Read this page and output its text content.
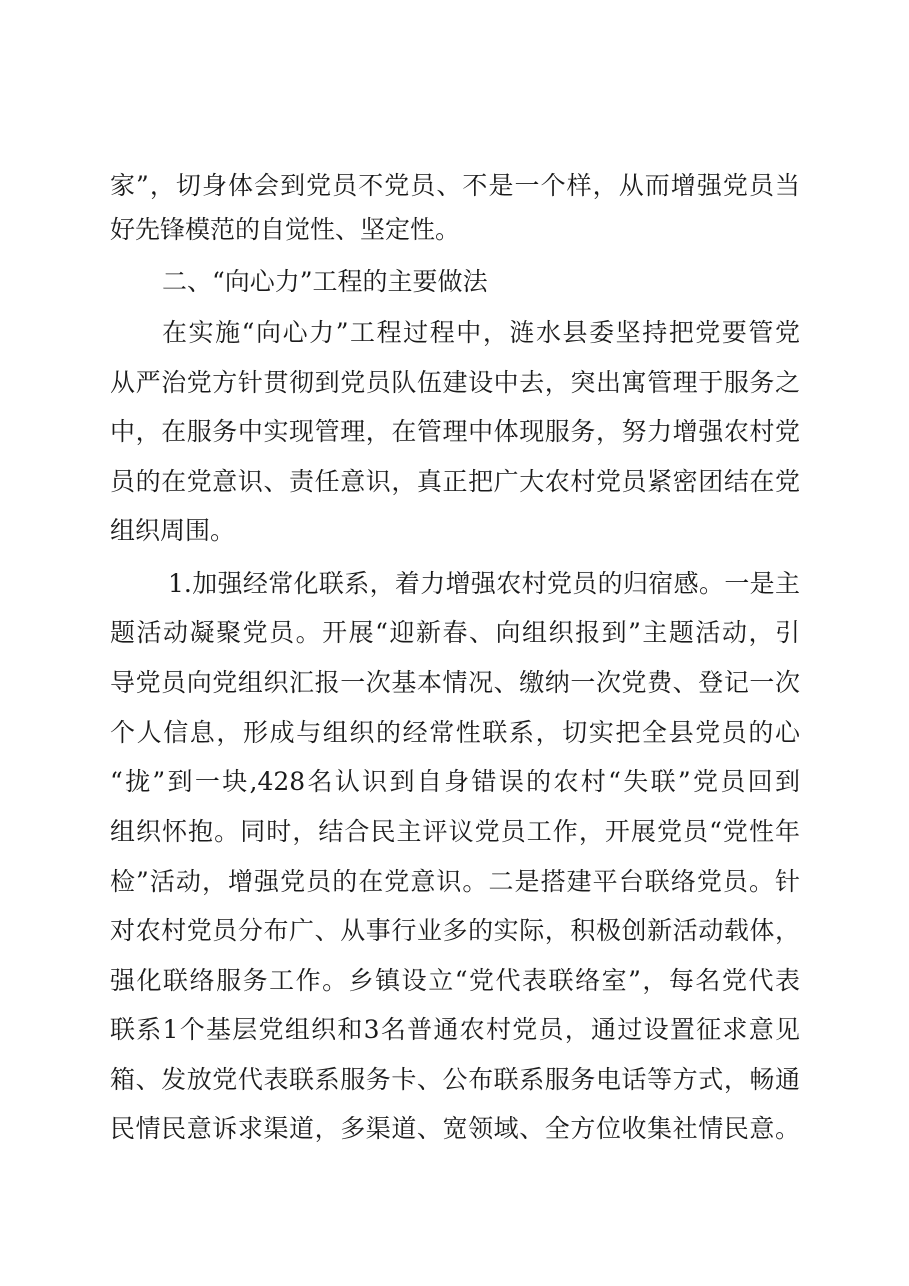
家”，切身体会到党员不党员、不是一个样，从而增强党员当
好先锋模范的自觉性、坚定性。
二、“向心力”工程的主要做法
在实施“向心力”工程过程中，涟水县委坚持把党要管党
从严治党方针贯彻到党员队伍建设中去，突出寓管理于服务之
中，在服务中实现管理，在管理中体现服务，努力增强农村党
员的在党意识、责任意识，真正把广大农村党员紧密团结在党
组织周围。
1.加强经常化联系，着力增强农村党员的归宿感。一是主
题活动凝聚党员。开展“迎新春、向组织报到”主题活动，引
导党员向党组织汇报一次基本情况、缴纳一次党费、登记一次
个人信息，形成与组织的经常性联系，切实把全县党员的心
“拢”到一块,428名认识到自身错误的农村“失联”党员回到
组织怀抱。同时，结合民主评议党员工作，开展党员“党性年
检”活动，增强党员的在党意识。二是搭建平台联络党员。针
对农村党员分布广、从事行业多的实际，积极创新活动载体，
强化联络服务工作。乡镇设立“党代表联络室”，每名党代表
联系1个基层党组织和3名普通农村党员，通过设置征求意见
箱、发放党代表联系服务卡、公布联系服务电话等方式，畅通
民情民意诉求渠道，多渠道、宽领域、全方位收集社情民意。
